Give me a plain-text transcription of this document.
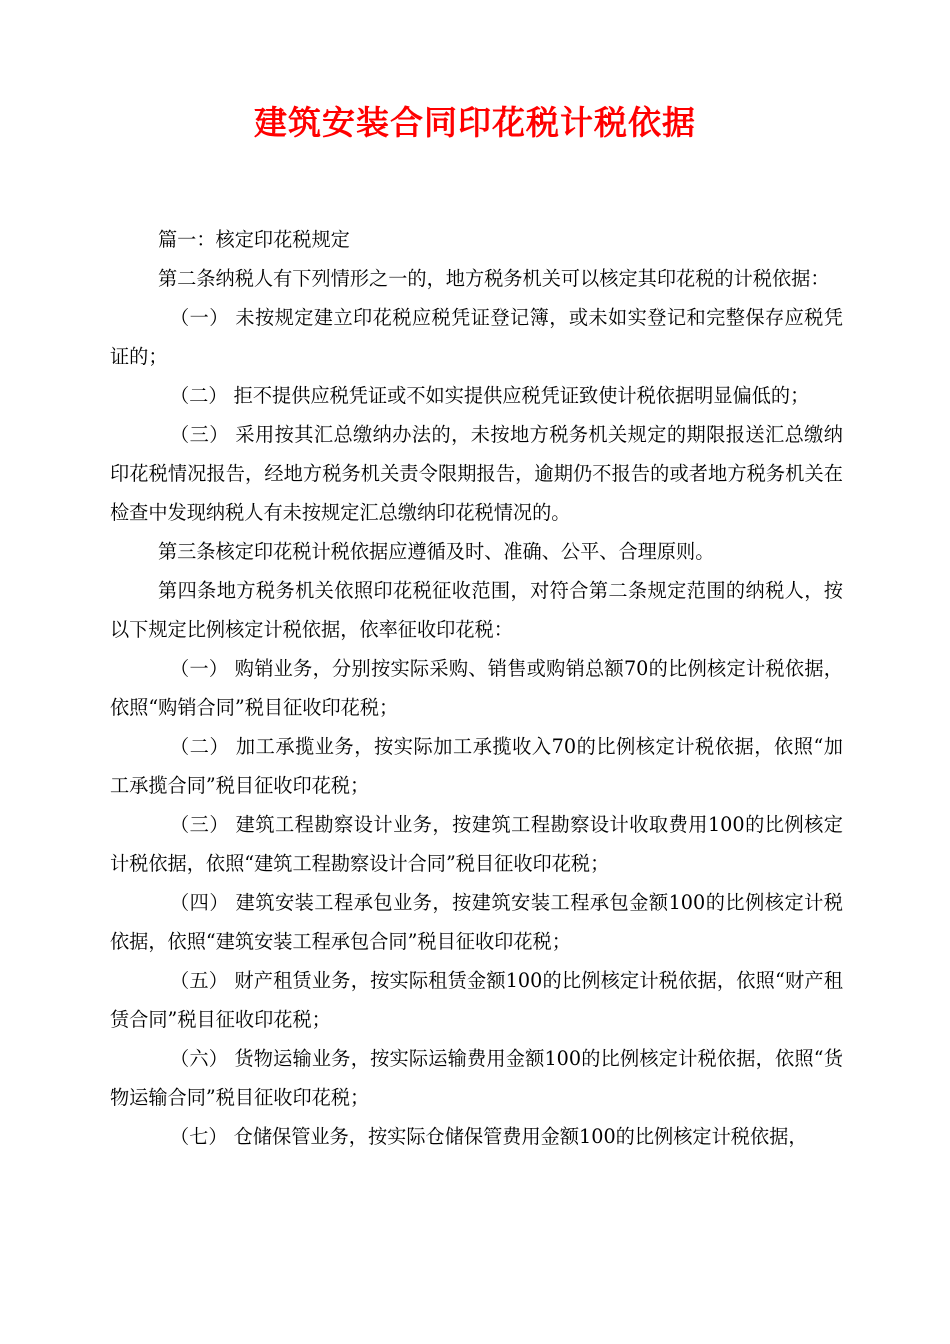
建筑安装合同印花税计税依据

篇一：核定印花税规定

第二条纳税人有下列情形之一的，地方税务机关可以核定其印花税的计税依据：

（一） 未按规定建立印花税应税凭证登记簿，或未如实登记和完整保存应税凭证的；

（二） 拒不提供应税凭证或不如实提供应税凭证致使计税依据明显偏低的；

（三） 采用按其汇总缴纳办法的，未按地方税务机关规定的期限报送汇总缴纳印花税情况报告，经地方税务机关责令限期报告，逾期仍不报告的或者地方税务机关在检查中发现纳税人有未按规定汇总缴纳印花税情况的。

第三条核定印花税计税依据应遵循及时、准确、公平、合理原则。

第四条地方税务机关依照印花税征收范围，对符合第二条规定范围的纳税人，按以下规定比例核定计税依据，依率征收印花税：

（一） 购销业务，分别按实际采购、销售或购销总额70的比例核定计税依据，依照“购销合同”税目征收印花税；

（二） 加工承揽业务，按实际加工承揽收入70的比例核定计税依据，依照“加工承揽合同”税目征收印花税；

（三） 建筑工程勘察设计业务，按建筑工程勘察设计收取费用100的比例核定计税依据，依照“建筑工程勘察设计合同”税目征收印花税；

（四） 建筑安装工程承包业务，按建筑安装工程承包金额100的比例核定计税依据，依照“建筑安装工程承包合同”税目征收印花税；

（五） 财产租赁业务，按实际租赁金额100的比例核定计税依据，依照“财产租赁合同”税目征收印花税；

（六） 货物运输业务，按实际运输费用金额100的比例核定计税依据，依照“货物运输合同”税目征收印花税；

（七） 仓储保管业务，按实际仓储保管费用金额100的比例核定计税依据，
